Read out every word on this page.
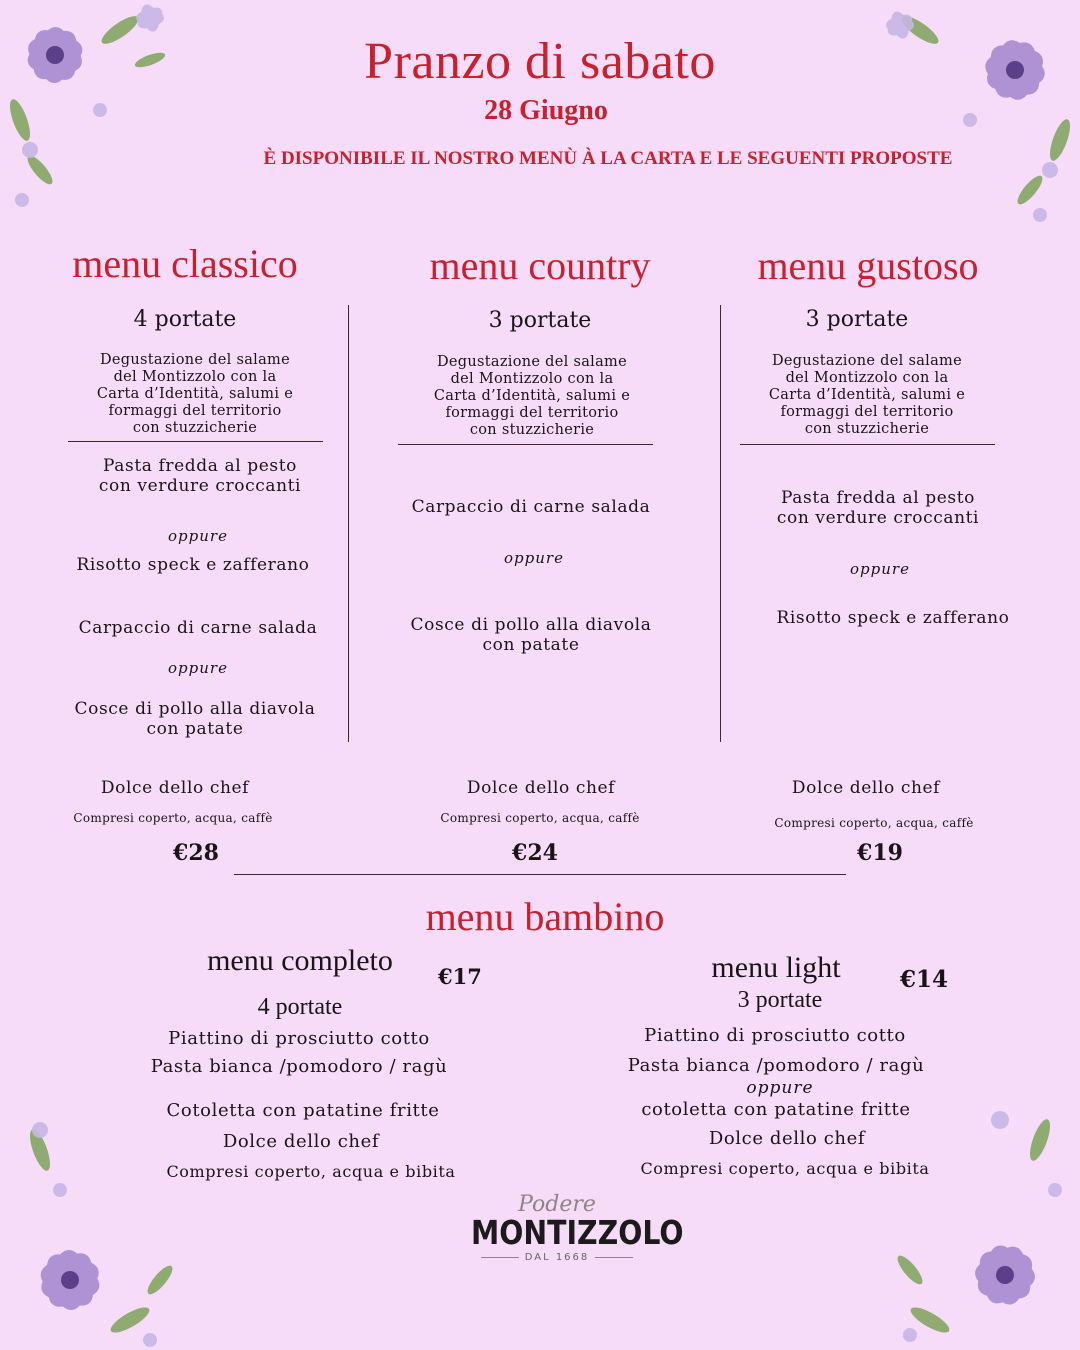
Pranzo di sabato
28 Giugno
È DISPONIBILE IL NOSTRO MENÙ À LA CARTA E LE SEGUENTI PROPOSTE
menu classico
4 portate
Degustazione del salame
del Montizzolo con la
Carta d’Identità, salumi e
formaggi del territorio
con stuzzicherie
Pasta fredda al pesto
con verdure croccanti
oppure
Risotto speck e zafferano
Carpaccio di carne salada
oppure
Cosce di pollo alla diavola
con patate
Dolce dello chef
Compresi coperto, acqua, caffè
€28
menu country
3 portate
Degustazione del salame
del Montizzolo con la
Carta d’Identità, salumi e
formaggi del territorio
con stuzzicherie
Carpaccio di carne salada
oppure
Cosce di pollo alla diavola
con patate
Dolce dello chef
Compresi coperto, acqua, caffè
€24
menu gustoso
3 portate
Degustazione del salame
del Montizzolo con la
Carta d’Identità, salumi e
formaggi del territorio
con stuzzicherie
Pasta fredda al pesto
con verdure croccanti
oppure
Risotto speck e zafferano
Dolce dello chef
Compresi coperto, acqua, caffè
€19
menu bambino
menu completo	€17
4 portate
Piattino di prosciutto cotto
Pasta bianca /pomodoro / ragù
Cotoletta con patatine fritte
Dolce dello chef
Compresi coperto, acqua e bibita
menu light	€14
3 portate
Piattino di prosciutto cotto
Pasta bianca /pomodoro / ragù
oppure
cotoletta con patatine fritte
Dolce dello chef
Compresi coperto, acqua e bibita
Podere
MONTIZZOLO
DAL 1668
